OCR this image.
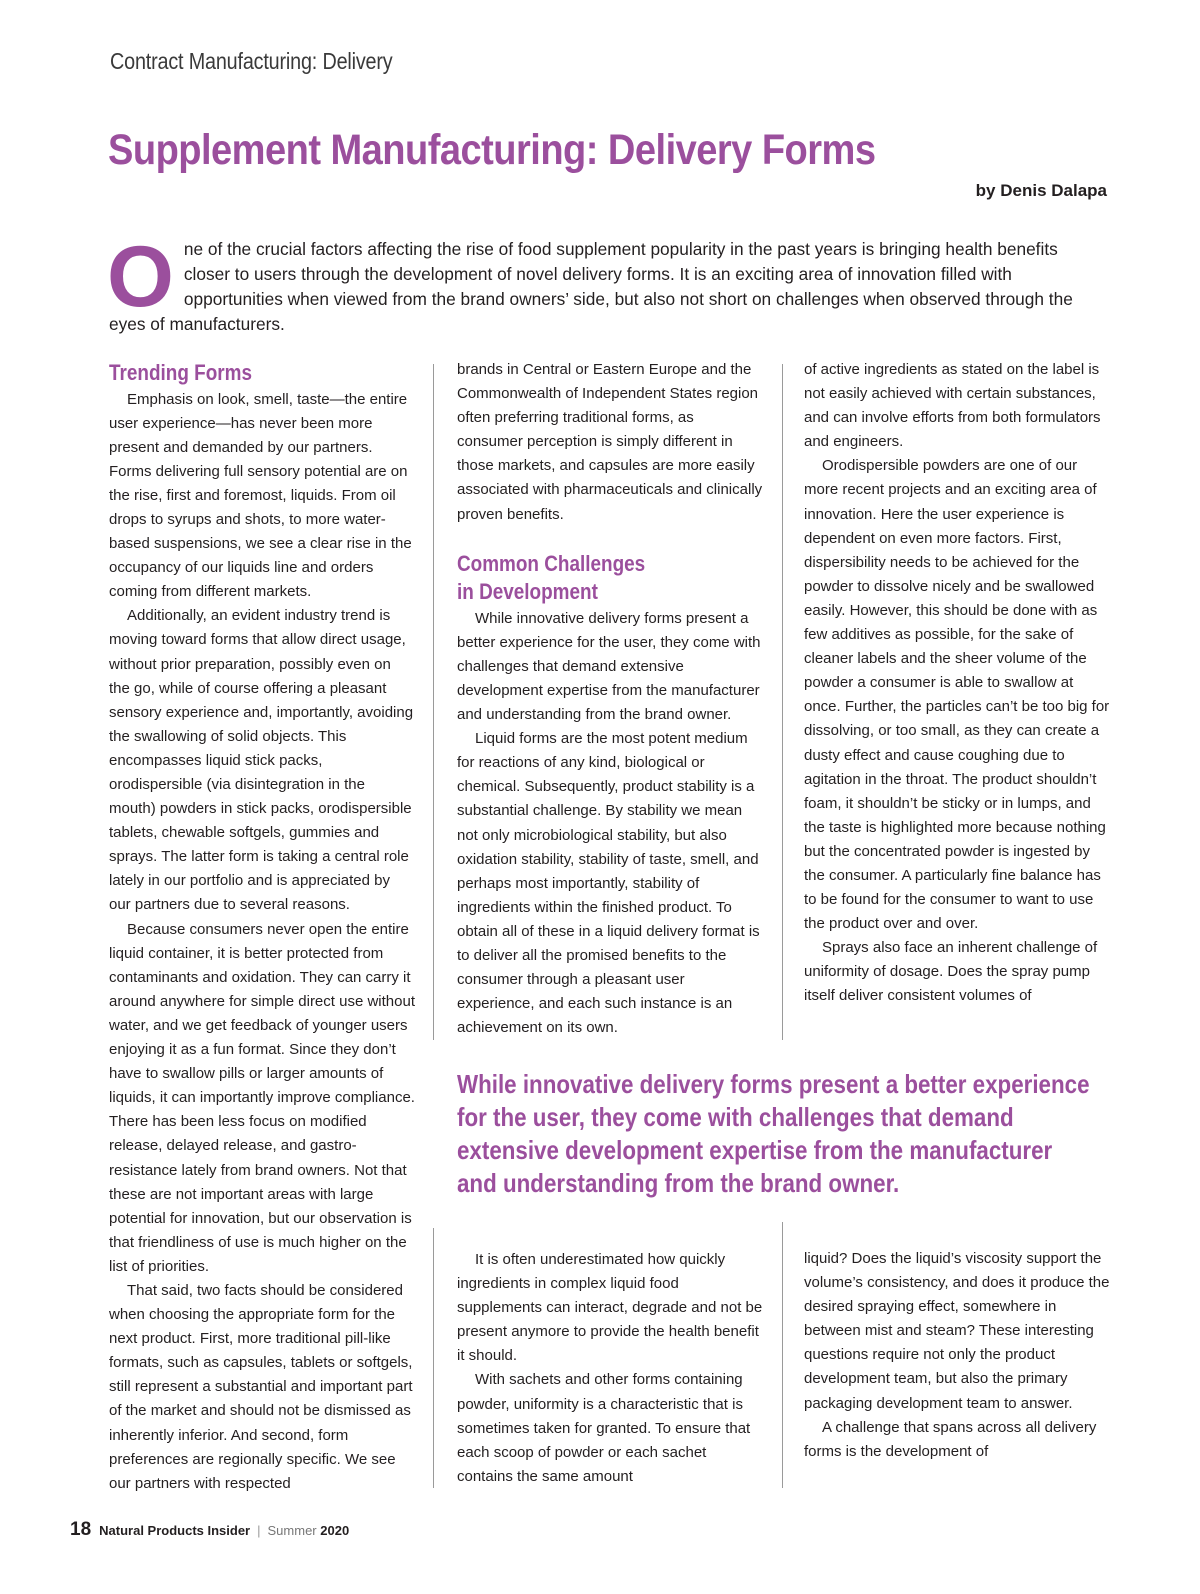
Contract Manufacturing: Delivery
Supplement Manufacturing: Delivery Forms
by Denis Dalapa

One of the crucial factors affecting the rise of food supplement popularity in the past years is bringing health benefits closer to users through the development of novel delivery forms. It is an exciting area of innovation filled with opportunities when viewed from the brand owners’ side, but also not short on challenges when observed through the eyes of manufacturers.

Trending Forms

Emphasis on look, smell, taste—the entire user experience—has never been more present and demanded by our partners. Forms delivering full sensory potential are on the rise, first and foremost, liquids. From oil drops to syrups and shots, to more water-based suspensions, we see a clear rise in the occupancy of our liquids line and orders coming from different markets.

Additionally, an evident industry trend is moving toward forms that allow direct usage, without prior preparation, possibly even on the go, while of course offering a pleasant sensory experience and, importantly, avoiding the swallowing of solid objects. This encompasses liquid stick packs, orodispersible (via disintegration in the mouth) powders in stick packs, orodispersible tablets, chewable softgels, gummies and sprays. The latter form is taking a central role lately in our portfolio and is appreciated by our partners due to several reasons.

Because consumers never open the entire liquid container, it is better protected from contaminants and oxidation. They can carry it around anywhere for simple direct use without water, and we get feedback of younger users enjoying it as a fun format. Since they don’t have to swallow pills or larger amounts of liquids, it can importantly improve compliance. There has been less focus on modified release, delayed release, and gastro-resistance lately from brand owners. Not that these are not important areas with large potential for innovation, but our observation is that friendliness of use is much higher on the list of priorities.

That said, two facts should be considered when choosing the appropriate form for the next product. First, more traditional pill-like formats, such as capsules, tablets or softgels, still represent a substantial and important part of the market and should not be dismissed as inherently inferior. And second, form preferences are regionally specific. We see our partners with respected

brands in Central or Eastern Europe and the Commonwealth of Independent States region often preferring traditional forms, as consumer perception is simply different in those markets, and capsules are more easily associated with pharmaceuticals and clinically proven benefits.

Common Challenges
in Development

While innovative delivery forms present a better experience for the user, they come with challenges that demand extensive development expertise from the manufacturer and understanding from the brand owner.

Liquid forms are the most potent medium for reactions of any kind, biological or chemical. Subsequently, product stability is a substantial challenge. By stability we mean not only microbiological stability, but also oxidation stability, stability of taste, smell, and perhaps most importantly, stability of ingredients within the finished product. To obtain all of these in a liquid delivery format is to deliver all the promised benefits to the consumer through a pleasant user experience, and each such instance is an achievement on its own.

of active ingredients as stated on the label is not easily achieved with certain substances, and can involve efforts from both formulators and engineers.

Orodispersible powders are one of our more recent projects and an exciting area of innovation. Here the user experience is dependent on even more factors. First, dispersibility needs to be achieved for the powder to dissolve nicely and be swallowed easily. However, this should be done with as few additives as possible, for the sake of cleaner labels and the sheer volume of the powder a consumer is able to swallow at once. Further, the particles can’t be too big for dissolving, or too small, as they can create a dusty effect and cause coughing due to agitation in the throat. The product shouldn’t foam, it shouldn’t be sticky or in lumps, and the taste is highlighted more because nothing but the concentrated powder is ingested by the consumer. A particularly fine balance has to be found for the consumer to want to use the product over and over.

Sprays also face an inherent challenge of uniformity of dosage. Does the spray pump itself deliver consistent volumes of

While innovative delivery forms present a better experience
for the user, they come with challenges that demand
extensive development expertise from the manufacturer
and understanding from the brand owner.

It is often underestimated how quickly ingredients in complex liquid food supplements can interact, degrade and not be present anymore to provide the health benefit it should.

With sachets and other forms containing powder, uniformity is a characteristic that is sometimes taken for granted. To ensure that each scoop of powder or each sachet contains the same amount

liquid? Does the liquid’s viscosity support the volume’s consistency, and does it produce the desired spraying effect, somewhere in between mist and steam? These interesting questions require not only the product development team, but also the primary packaging development team to answer.

A challenge that spans across all delivery forms is the development of

18 Natural Products Insider | Summer 2020
